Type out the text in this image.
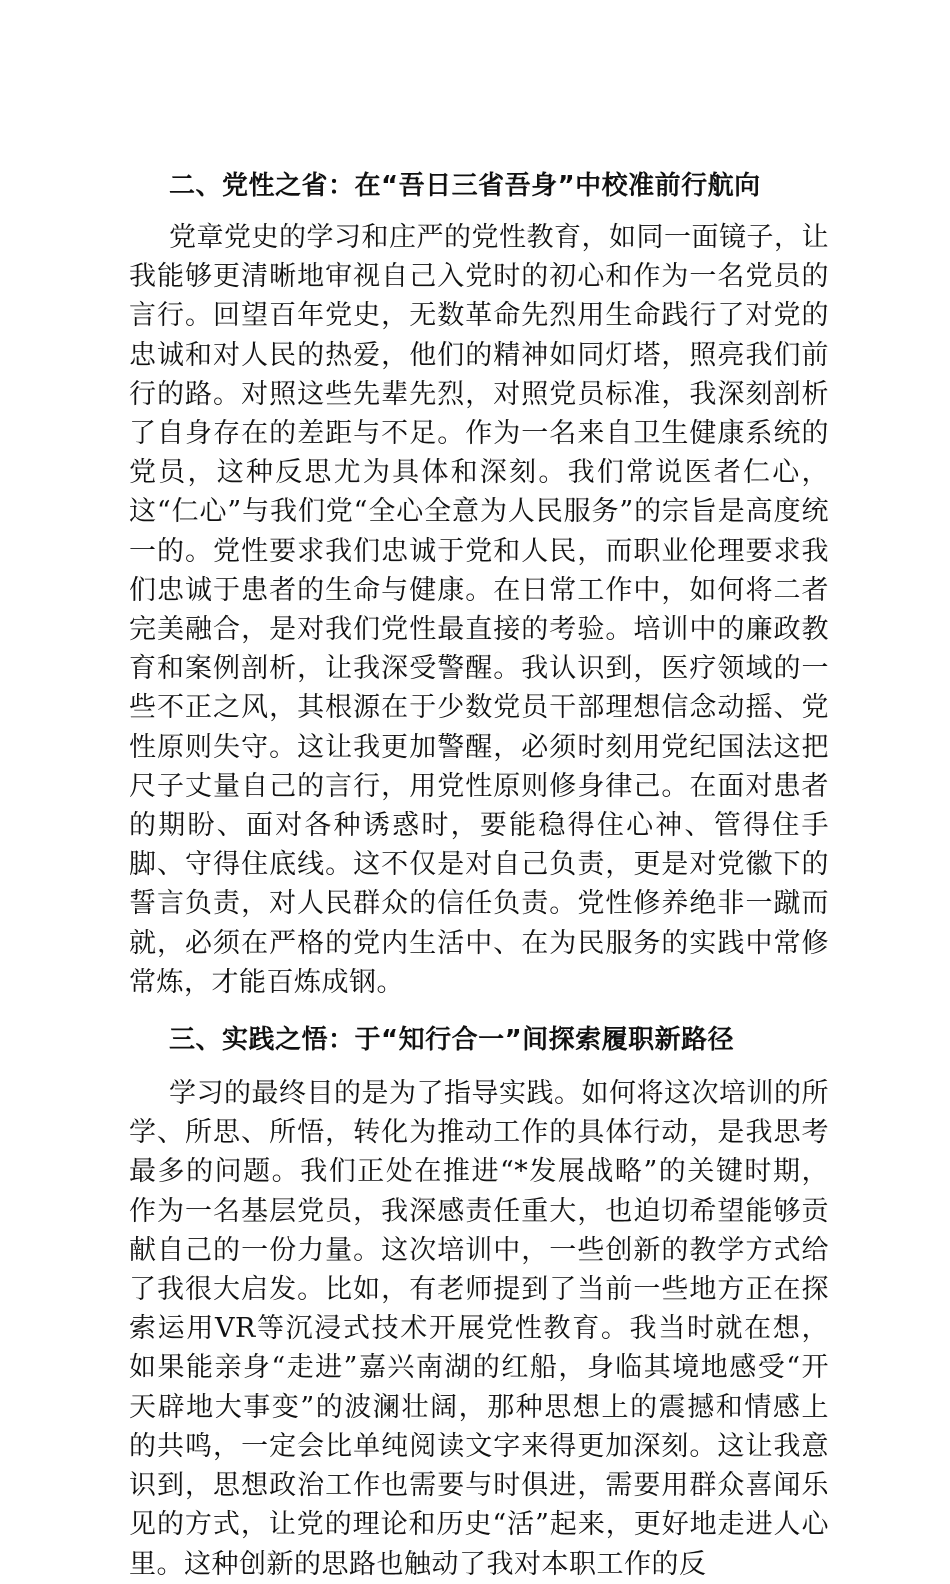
二、党性之省：在“吾日三省吾身”中校准前行航向

党章党史的学习和庄严的党性教育，如同一面镜子，让我能够更清晰地审视自己入党时的初心和作为一名党员的言行。回望百年党史，无数革命先烈用生命践行了对党的忠诚和对人民的热爱，他们的精神如同灯塔，照亮我们前行的路。对照这些先辈先烈，对照党员标准，我深刻剖析了自身存在的差距与不足。作为一名来自卫生健康系统的党员，这种反思尤为具体和深刻。我们常说医者仁心，这“仁心”与我们党“全心全意为人民服务”的宗旨是高度统一的。党性要求我们忠诚于党和人民，而职业伦理要求我们忠诚于患者的生命与健康。在日常工作中，如何将二者完美融合，是对我们党性最直接的考验。培训中的廉政教育和案例剖析，让我深受警醒。我认识到，医疗领域的一些不正之风，其根源在于少数党员干部理想信念动摇、党性原则失守。这让我更加警醒，必须时刻用党纪国法这把尺子丈量自己的言行，用党性原则修身律己。在面对患者的期盼、面对各种诱惑时，要能稳得住心神、管得住手脚、守得住底线。这不仅是对自己负责，更是对党徽下的誓言负责，对人民群众的信任负责。党性修养绝非一蹴而就，必须在严格的党内生活中、在为民服务的实践中常修常炼，才能百炼成钢。

三、实践之悟：于“知行合一”间探索履职新路径

学习的最终目的是为了指导实践。如何将这次培训的所学、所思、所悟，转化为推动工作的具体行动，是我思考最多的问题。我们正处在推进“*发展战略”的关键时期，作为一名基层党员，我深感责任重大，也迫切希望能够贡献自己的一份力量。这次培训中，一些创新的教学方式给了我很大启发。比如，有老师提到了当前一些地方正在探索运用VR等沉浸式技术开展党性教育。我当时就在想，如果能亲身“走进”嘉兴南湖的红船，身临其境地感受“开天辟地大事变”的波澜壮阔，那种思想上的震撼和情感上的共鸣，一定会比单纯阅读文字来得更加深刻。这让我意识到，思想政治工作也需要与时俱进，需要用群众喜闻乐见的方式，让党的理论和历史“活”起来，更好地走进人心里。这种创新的思路也触动了我对本职工作的反
